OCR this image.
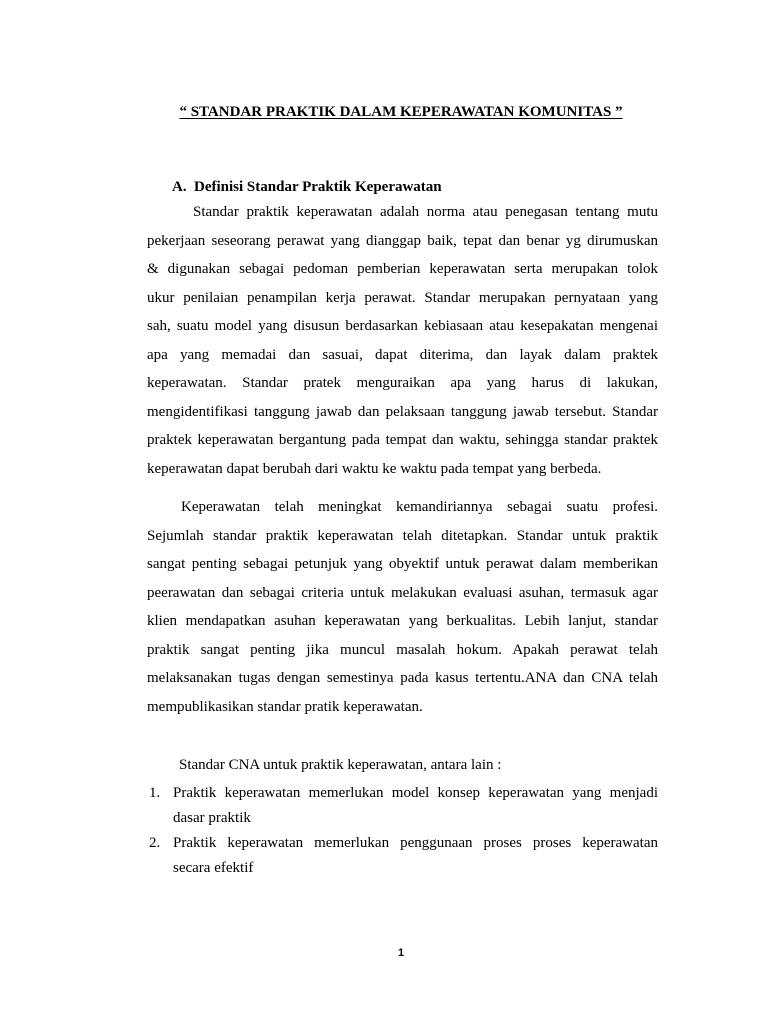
“ STANDAR PRAKTIK DALAM KEPERAWATAN KOMUNITAS ”
A. Definisi Standar Praktik Keperawatan
Standar praktik keperawatan adalah norma atau penegasan tentang mutu
pekerjaan seseorang perawat yang dianggap baik, tepat dan benar yg dirumuskan
& digunakan sebagai pedoman pemberian keperawatan serta merupakan tolok
ukur penilaian penampilan kerja perawat. Standar merupakan pernyataan yang
sah, suatu model yang disusun berdasarkan kebiasaan atau kesepakatan mengenai
apa yang memadai dan sasuai, dapat diterima, dan layak dalam praktek
keperawatan. Standar pratek menguraikan apa yang harus di lakukan,
mengidentifikasi tanggung jawab dan pelaksaan tanggung jawab tersebut. Standar
praktek keperawatan bergantung pada tempat dan waktu, sehingga standar praktek
keperawatan dapat berubah dari waktu ke waktu pada tempat yang berbeda.
Keperawatan telah meningkat kemandiriannya sebagai suatu profesi.
Sejumlah standar praktik keperawatan telah ditetapkan. Standar untuk praktik
sangat penting sebagai petunjuk yang obyektif untuk perawat dalam memberikan
peerawatan dan sebagai criteria untuk melakukan evaluasi asuhan, termasuk agar
klien mendapatkan asuhan keperawatan yang berkualitas. Lebih lanjut, standar
praktik sangat penting jika muncul masalah hokum. Apakah perawat telah
melaksanakan tugas dengan semestinya pada kasus tertentu.ANA dan CNA telah
mempublikasikan standar pratik keperawatan.
Standar CNA untuk praktik keperawatan, antara lain :
1. Praktik keperawatan memerlukan model konsep keperawatan yang menjadi
dasar praktik
2. Praktik keperawatan memerlukan penggunaan proses proses keperawatan
secara efektif
1
